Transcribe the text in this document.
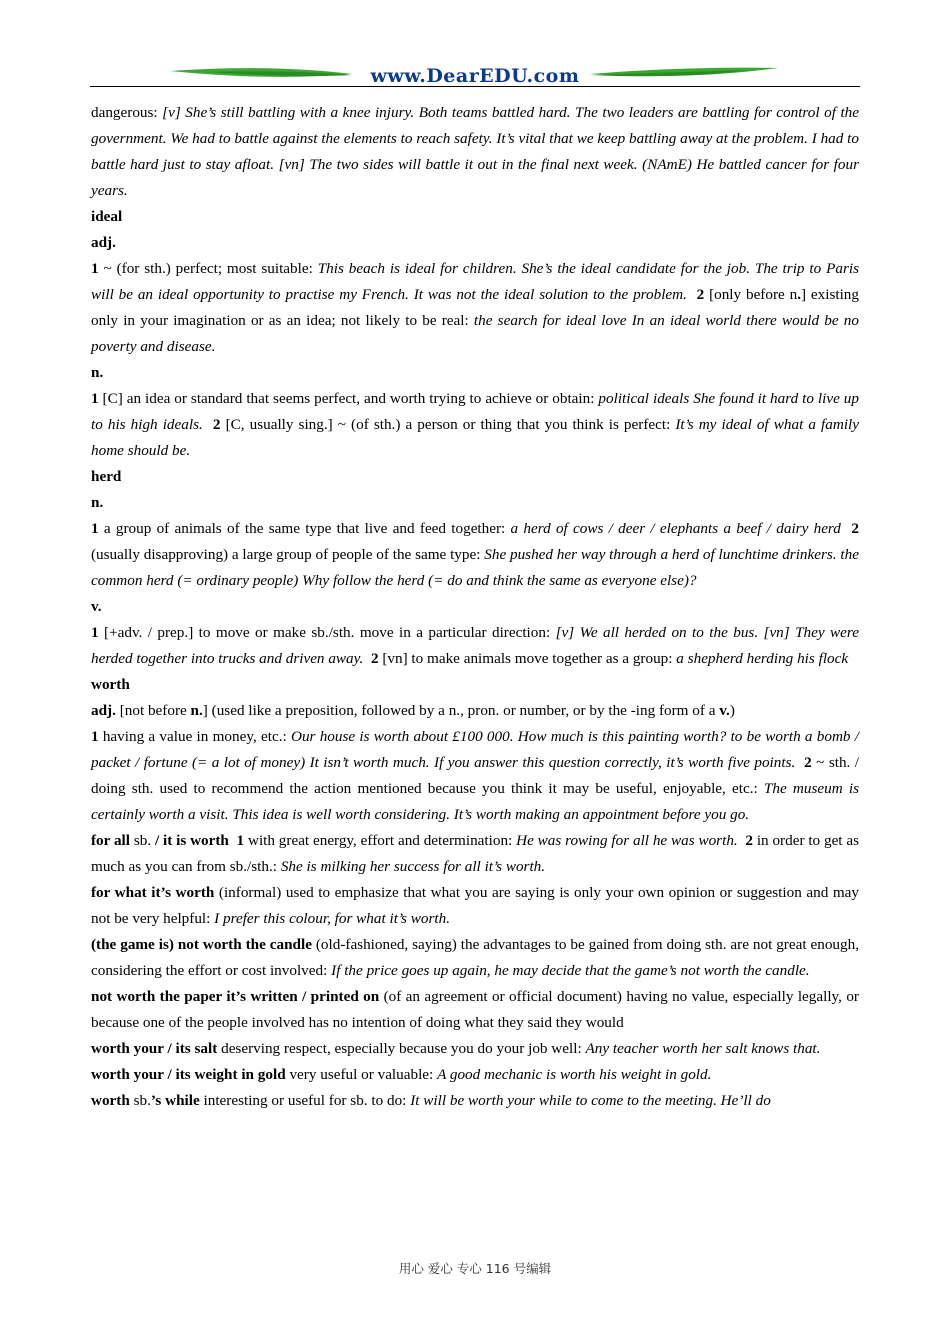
www.DearEDU.com

dangerous: [v] She’s still battling with a knee injury. Both teams battled hard. The two leaders are battling for control of the government. We had to battle against the elements to reach safety. It’s vital that we keep battling away at the problem. I had to battle hard just to stay afloat. [vn] The two sides will battle it out in the final next week. (NAmE) He battled cancer for four years.

ideal

adj.

1 ~ (for sth.) perfect; most suitable: This beach is ideal for children. She’s the ideal candidate for the job. The trip to Paris will be an ideal opportunity to practise my French. It was not the ideal solution to the problem. 2 [only before n.] existing only in your imagination or as an idea; not likely to be real: the search for ideal love In an ideal world there would be no poverty and disease.

n.

1 [C] an idea or standard that seems perfect, and worth trying to achieve or obtain: political ideals She found it hard to live up to his high ideals. 2 [C, usually sing.] ~ (of sth.) a person or thing that you think is perfect: It’s my ideal of what a family home should be.

herd

n.

1 a group of animals of the same type that live and feed together: a herd of cows / deer / elephants a beef / dairy herd 2 (usually disapproving) a large group of people of the same type: She pushed her way through a herd of lunchtime drinkers. the common herd (= ordinary people) Why follow the herd (= do and think the same as everyone else)?

v.

1 [+adv. / prep.] to move or make sb./sth. move in a particular direction: [v] We all herded on to the bus. [vn] They were herded together into trucks and driven away. 2 [vn] to make animals move together as a group: a shepherd herding his flock

worth

adj. [not before n.] (used like a preposition, followed by a n., pron. or number, or by the -ing form of a v.)

1 having a value in money, etc.: Our house is worth about £100 000. How much is this painting worth? to be worth a bomb / packet / fortune (= a lot of money) It isn’t worth much. If you answer this question correctly, it’s worth five points. 2 ~ sth. / doing sth. used to recommend the action mentioned because you think it may be useful, enjoyable, etc.: The museum is certainly worth a visit. This idea is well worth considering. It’s worth making an appointment before you go.

for all sb. / it is worth 1 with great energy, effort and determination: He was rowing for all he was worth. 2 in order to get as much as you can from sb./sth.: She is milking her success for all it’s worth.

for what it’s worth (informal) used to emphasize that what you are saying is only your own opinion or suggestion and may not be very helpful: I prefer this colour, for what it’s worth.

(the game is) not worth the candle (old-fashioned, saying) the advantages to be gained from doing sth. are not great enough, considering the effort or cost involved: If the price goes up again, he may decide that the game’s not worth the candle.

not worth the paper it’s written / printed on (of an agreement or official document) having no value, especially legally, or because one of the people involved has no intention of doing what they said they would

worth your / its salt deserving respect, especially because you do your job well: Any teacher worth her salt knows that.

worth your / its weight in gold very useful or valuable: A good mechanic is worth his weight in gold.

worth sb.’s while interesting or useful for sb. to do: It will be worth your while to come to the meeting. He’ll do

用心 爱心 专心 116 号编辑
